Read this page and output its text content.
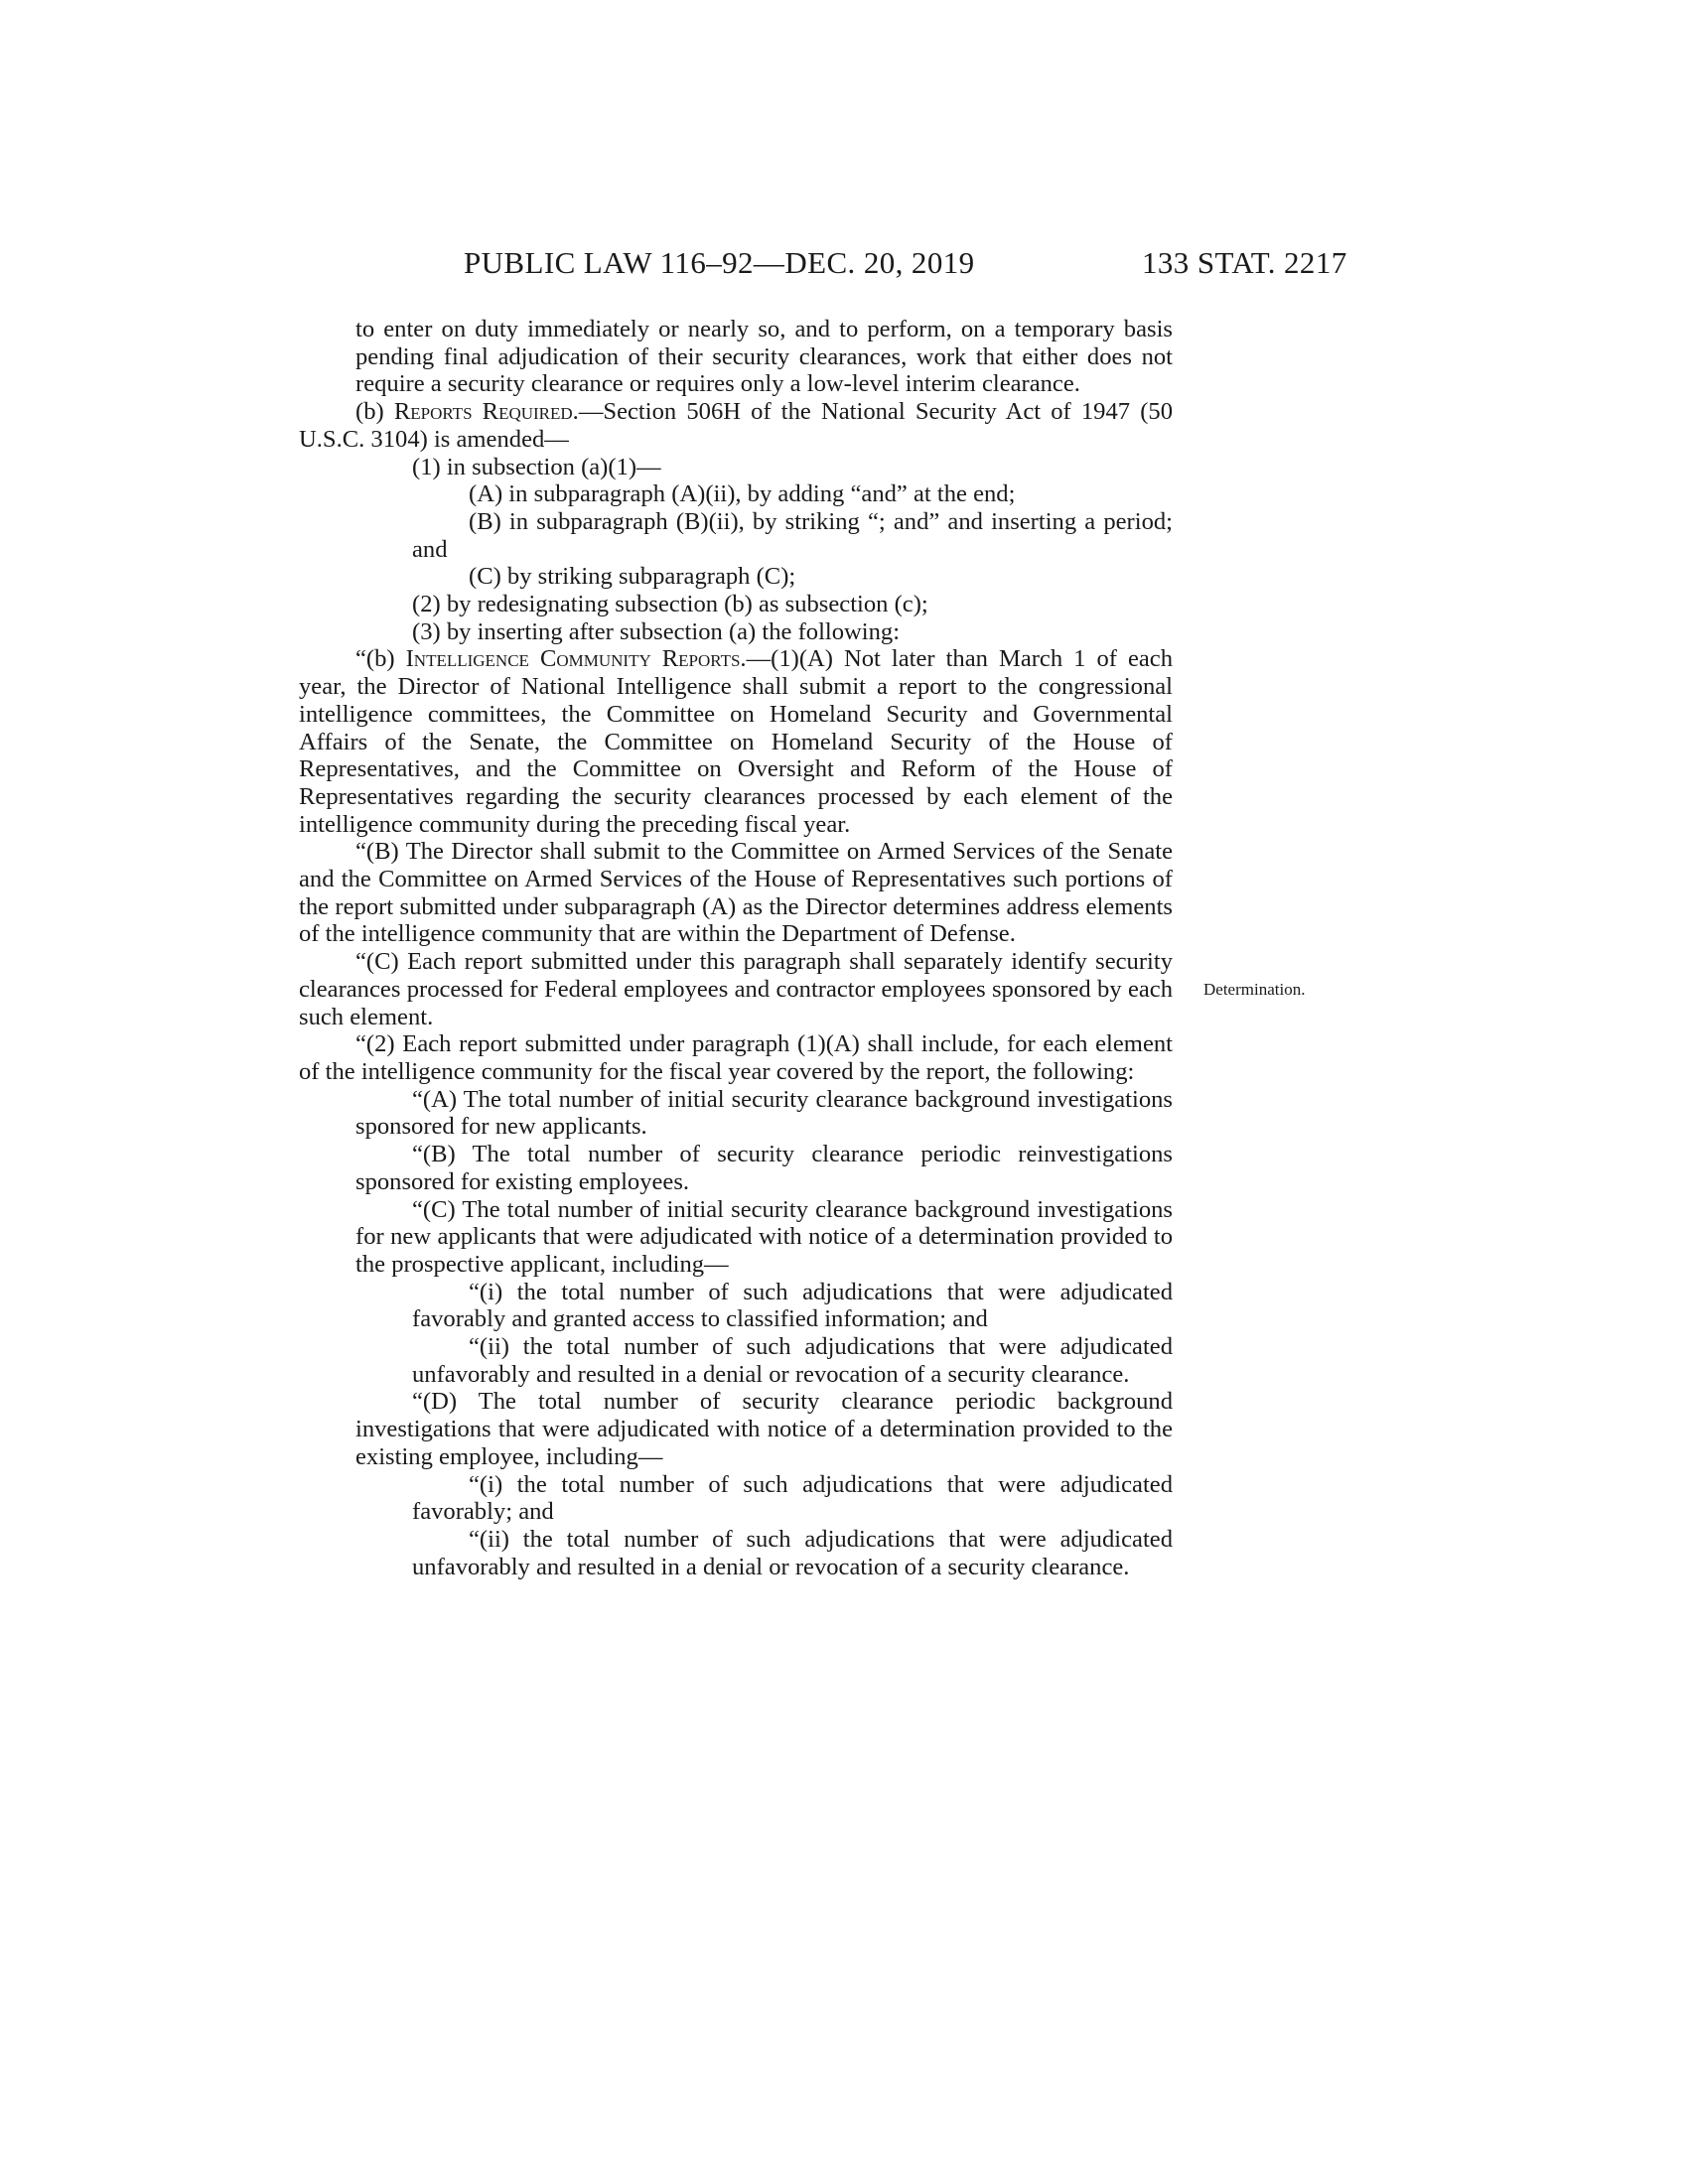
PUBLIC LAW 116–92—DEC. 20, 2019	133 STAT. 2217
Determination.

to enter on duty immediately or nearly so, and to perform, on a temporary basis pending final adjudication of their security clearances, work that either does not require a security clearance or requires only a low-level interim clearance.

(b) Reports Required.—Section 506H of the National Security Act of 1947 (50 U.S.C. 3104) is amended—

(1) in subsection (a)(1)—

(A) in subparagraph (A)(ii), by adding “and” at the end;

(B) in subparagraph (B)(ii), by striking “; and” and inserting a period; and

(C) by striking subparagraph (C);

(2) by redesignating subsection (b) as subsection (c);

(3) by inserting after subsection (a) the following:

“(b) Intelligence Community Reports.—(1)(A) Not later than March 1 of each year, the Director of National Intelligence shall submit a report to the congressional intelligence committees, the Committee on Homeland Security and Governmental Affairs of the Senate, the Committee on Homeland Security of the House of Representatives, and the Committee on Oversight and Reform of the House of Representatives regarding the security clearances processed by each element of the intelligence community during the preceding fiscal year.

“(B) The Director shall submit to the Committee on Armed Services of the Senate and the Committee on Armed Services of the House of Representatives such portions of the report submitted under subparagraph (A) as the Director determines address elements of the intelligence community that are within the Department of Defense.

“(C) Each report submitted under this paragraph shall separately identify security clearances processed for Federal employees and contractor employees sponsored by each such element.

“(2) Each report submitted under paragraph (1)(A) shall include, for each element of the intelligence community for the fiscal year covered by the report, the following:

“(A) The total number of initial security clearance background investigations sponsored for new applicants.

“(B) The total number of security clearance periodic reinvestigations sponsored for existing employees.

“(C) The total number of initial security clearance background investigations for new applicants that were adjudicated with notice of a determination provided to the prospective applicant, including—

“(i) the total number of such adjudications that were adjudicated favorably and granted access to classified information; and

“(ii) the total number of such adjudications that were adjudicated unfavorably and resulted in a denial or revocation of a security clearance.

“(D) The total number of security clearance periodic background investigations that were adjudicated with notice of a determination provided to the existing employee, including—

“(i) the total number of such adjudications that were adjudicated favorably; and

“(ii) the total number of such adjudications that were adjudicated unfavorably and resulted in a denial or revocation of a security clearance.
